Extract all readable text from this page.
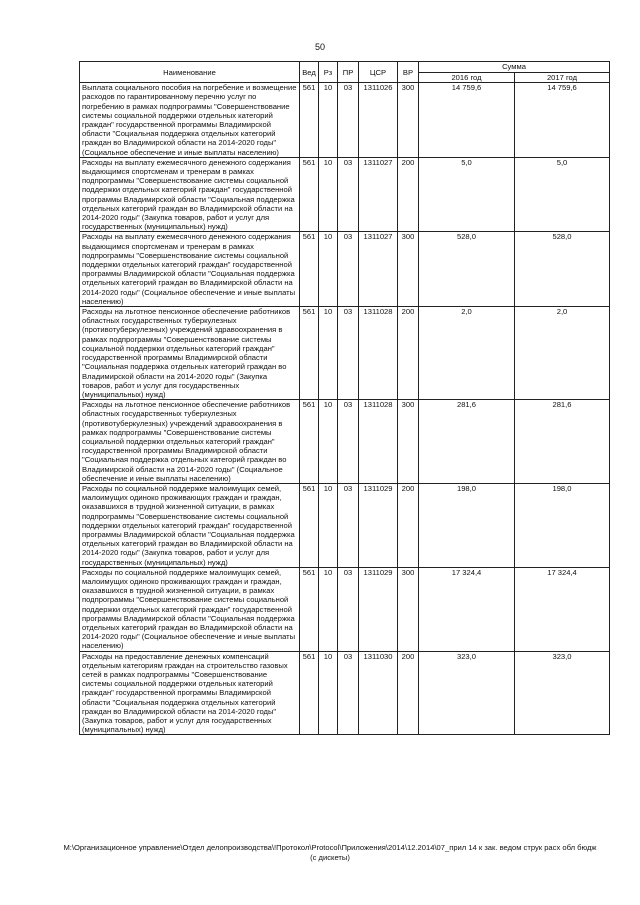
50
Наименование	Вед	Рз	ПР	ЦСР	ВР	Сумма	
						2016 год	2017 год
Выплата социального пособия на погребение и возмещение расходов по гарантированному перечню услуг по погребению в рамках подпрограммы "Совершенствование системы социальной поддержки отдельных категорий граждан" государственной программы Владимирской области "Социальная поддержка отдельных категорий граждан во Владимирской области на 2014-2020 годы" (Социальное обеспечение и иные выплаты населению)	561	10	03	1311026	300	14 759,6	14 759,6
Расходы на выплату ежемесячного денежного содержания выдающимся спортсменам и тренерам в рамках подпрограммы "Совершенствование системы социальной поддержки отдельных категорий граждан" государственной программы Владимирской области "Социальная поддержка отдельных категорий граждан во Владимирской области на 2014-2020 годы" (Закупка товаров, работ и услуг для государственных (муниципальных) нужд)	561	10	03	1311027	200	5,0	5,0
Расходы на выплату ежемесячного денежного содержания выдающимся спортсменам и тренерам в рамках подпрограммы "Совершенствование системы социальной поддержки отдельных категорий граждан" государственной программы Владимирской области "Социальная поддержка отдельных категорий граждан во Владимирской области на 2014-2020 годы" (Социальное обеспечение и иные выплаты населению)	561	10	03	1311027	300	528,0	528,0
Расходы на льготное пенсионное обеспечение работников областных государственных туберкулезных (противотуберкулезных) учреждений здравоохранения в рамках подпрограммы "Совершенствование системы социальной поддержки отдельных категорий граждан" государственной программы Владимирской области "Социальная поддержка отдельных категорий граждан во Владимирской области на 2014-2020 годы" (Закупка товаров, работ и услуг для государственных (муниципальных) нужд)	561	10	03	1311028	200	2,0	2,0
Расходы на льготное пенсионное обеспечение работников областных государственных туберкулезных (противотуберкулезных) учреждений здравоохранения в рамках подпрограммы "Совершенствование системы социальной поддержки отдельных категорий граждан" государственной программы Владимирской области "Социальная поддержка отдельных категорий граждан во Владимирской области на 2014-2020 годы" (Социальное обеспечение и иные выплаты населению)	561	10	03	1311028	300	281,6	281,6
Расходы по социальной поддержке малоимущих семей, малоимущих одиноко проживающих граждан и граждан, оказавшихся в трудной жизненной ситуации, в рамках подпрограммы "Совершенствование системы социальной поддержки отдельных категорий граждан" государственной программы Владимирской области "Социальная поддержка отдельных категорий граждан во Владимирской области на 2014-2020 годы" (Закупка товаров, работ и услуг для государственных (муниципальных) нужд)	561	10	03	1311029	200	198,0	198,0
Расходы по социальной поддержке малоимущих семей, малоимущих одиноко проживающих граждан и граждан, оказавшихся в трудной жизненной ситуации, в рамках подпрограммы "Совершенствование системы социальной поддержки отдельных категорий граждан" государственной программы Владимирской области "Социальная поддержка отдельных категорий граждан во Владимирской области на 2014-2020 годы" (Социальное обеспечение и иные выплаты населению)	561	10	03	1311029	300	17 324,4	17 324,4
Расходы на предоставление денежных компенсаций отдельным категориям граждан на строительство газовых сетей в рамках подпрограммы "Совершенствование системы социальной поддержки отдельных категорий граждан" государственной программы Владимирской области "Социальная поддержка отдельных категорий граждан во Владимирской области на 2014-2020 годы" (Закупка товаров, работ и услуг для государственных (муниципальных) нужд)	561	10	03	1311030	200	323,0	323,0
M:\Организационное управление\Отдел делопроизводства\!Протокол\Protocol\Приложения\2014\12.2014\07_прил 14 к зак. ведом струк расх обл бюдж (с дискеты)
